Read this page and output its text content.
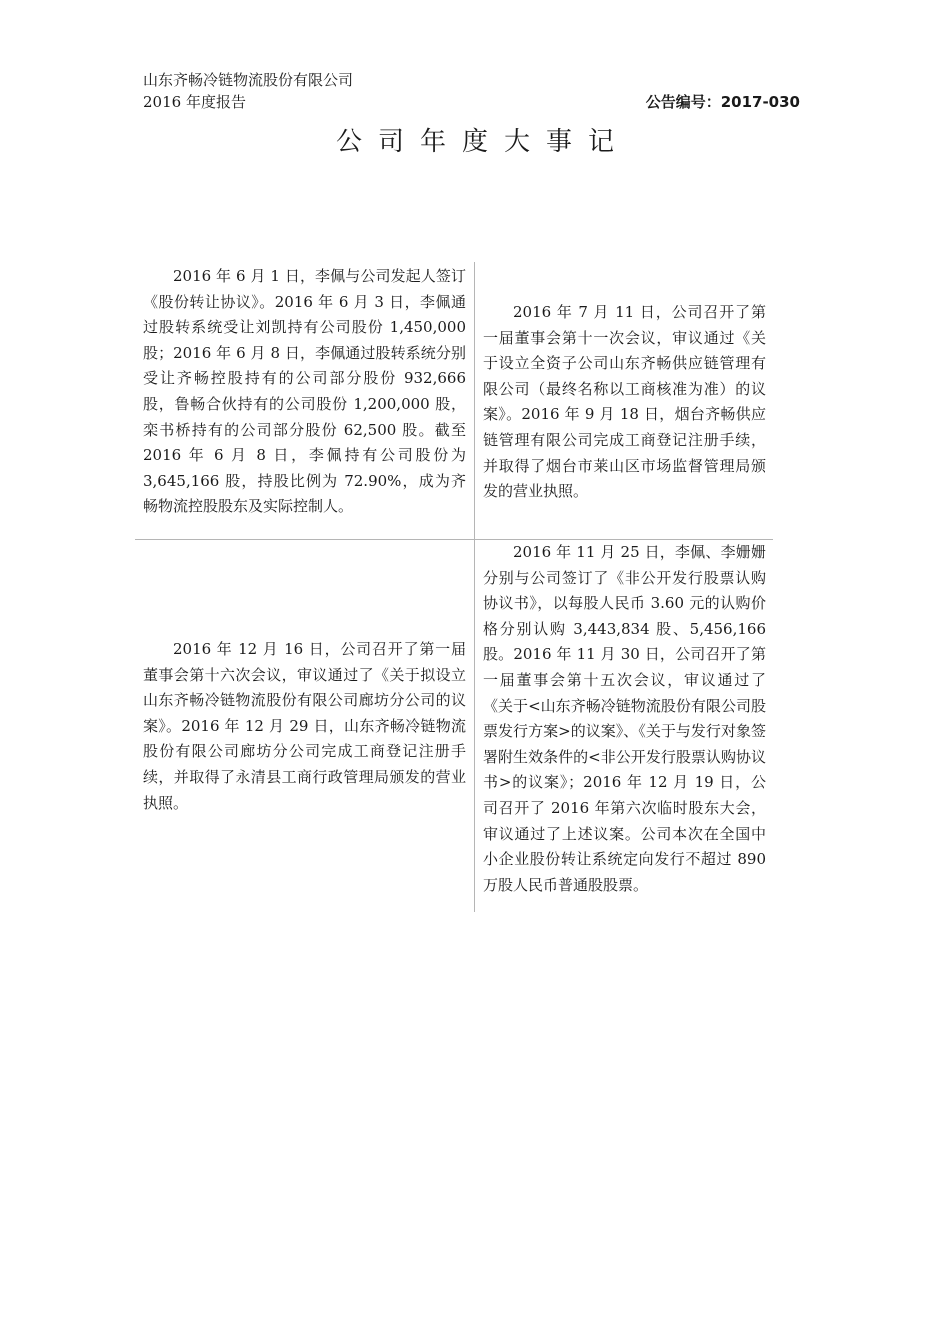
山东齐畅冷链物流股份有限公司
2016 年度报告	公告编号：2017-030
公司年度大事记

2016 年 6 月 1 日，李佩与公司发起人签订《股份转让协议》。2016 年 6 月 3 日，李佩通过股转系统受让刘凯持有公司股份 1,450,000 股；2016 年 6 月 8 日，李佩通过股转系统分别受让齐畅控股持有的公司部分股份 932,666 股，鲁畅合伙持有的公司股份 1,200,000 股，栾书桥持有的公司部分股份 62,500 股。截至 2016 年 6 月 8 日，李佩持有公司股份为 3,645,166 股，持股比例为 72.90%，成为齐畅物流控股股东及实际控制人。

2016 年 7 月 11 日，公司召开了第一届董事会第十一次会议，审议通过《关于设立全资子公司山东齐畅供应链管理有限公司（最终名称以工商核准为准）的议案》。2016 年 9 月 18 日，烟台齐畅供应链管理有限公司完成工商登记注册手续，并取得了烟台市莱山区市场监督管理局颁发的营业执照。

2016 年 12 月 16 日，公司召开了第一届董事会第十六次会议，审议通过了《关于拟设立山东齐畅冷链物流股份有限公司廊坊分公司的议案》。2016 年 12 月 29 日，山东齐畅冷链物流股份有限公司廊坊分公司完成工商登记注册手续，并取得了永清县工商行政管理局颁发的营业执照。

2016 年 11 月 25 日，李佩、李姗姗分别与公司签订了《非公开发行股票认购协议书》，以每股人民币 3.60 元的认购价格分别认购 3,443,834 股、5,456,166 股。2016 年 11 月 30 日，公司召开了第一届董事会第十五次会议，审议通过了《关于<山东齐畅冷链物流股份有限公司股票发行方案>的议案》、《关于与发行对象签署附生效条件的<非公开发行股票认购协议书>的议案》；2016 年 12 月 19 日，公司召开了 2016 年第六次临时股东大会，审议通过了上述议案。公司本次在全国中小企业股份转让系统定向发行不超过 890 万股人民币普通股股票。
